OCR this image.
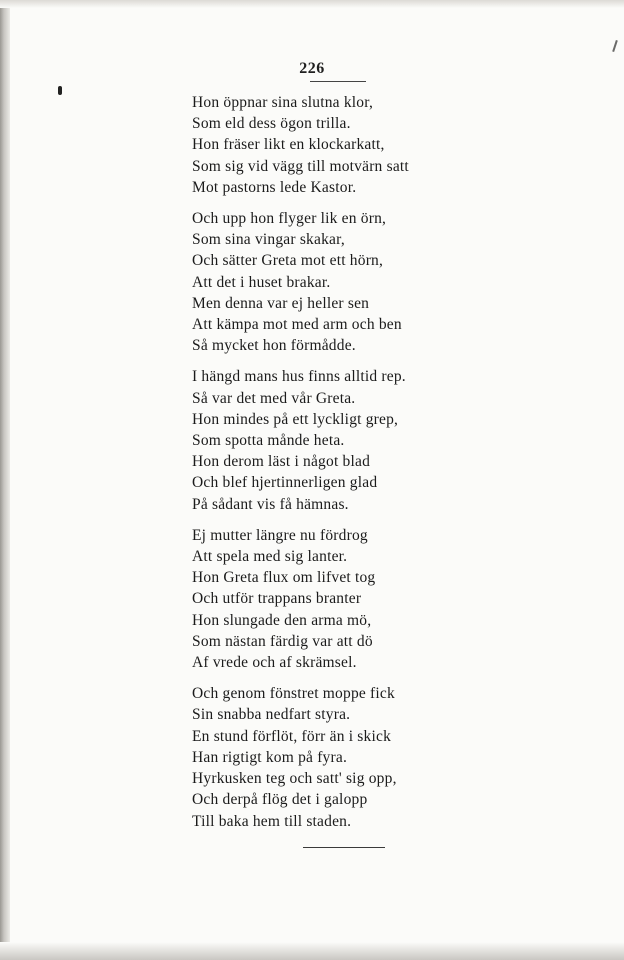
226
Hon öppnar sina slutna klor,
Som eld dess ögon trilla.
Hon fräser likt en klockarkatt,
Som sig vid vägg till motvärn satt
Mot pastorns lede Kastor.
Och upp hon flyger lik en örn,
Som sina vingar skakar,
Och sätter Greta mot ett hörn,
Att det i huset brakar.
Men denna var ej heller sen
Att kämpa mot med arm och ben
Så mycket hon förmådde.
I hängd mans hus finns alltid rep.
Så var det med vår Greta.
Hon mindes på ett lyckligt grep,
Som spotta månde heta.
Hon derom läst i något blad
Och blef hjertinnerligen glad
På sådant vis få hämnas.
Ej mutter längre nu fördrog
Att spela med sig lanter.
Hon Greta flux om lifvet tog
Och utför trappans branter
Hon slungade den arma mö,
Som nästan färdig var att dö
Af vrede och af skrämsel.
Och genom fönstret moppe fick
Sin snabba nedfart styra.
En stund förflöt, förr än i skick
Han rigtigt kom på fyra.
Hyrkusken teg och satt' sig opp,
Och derpå flög det i galopp
Till baka hem till staden.
